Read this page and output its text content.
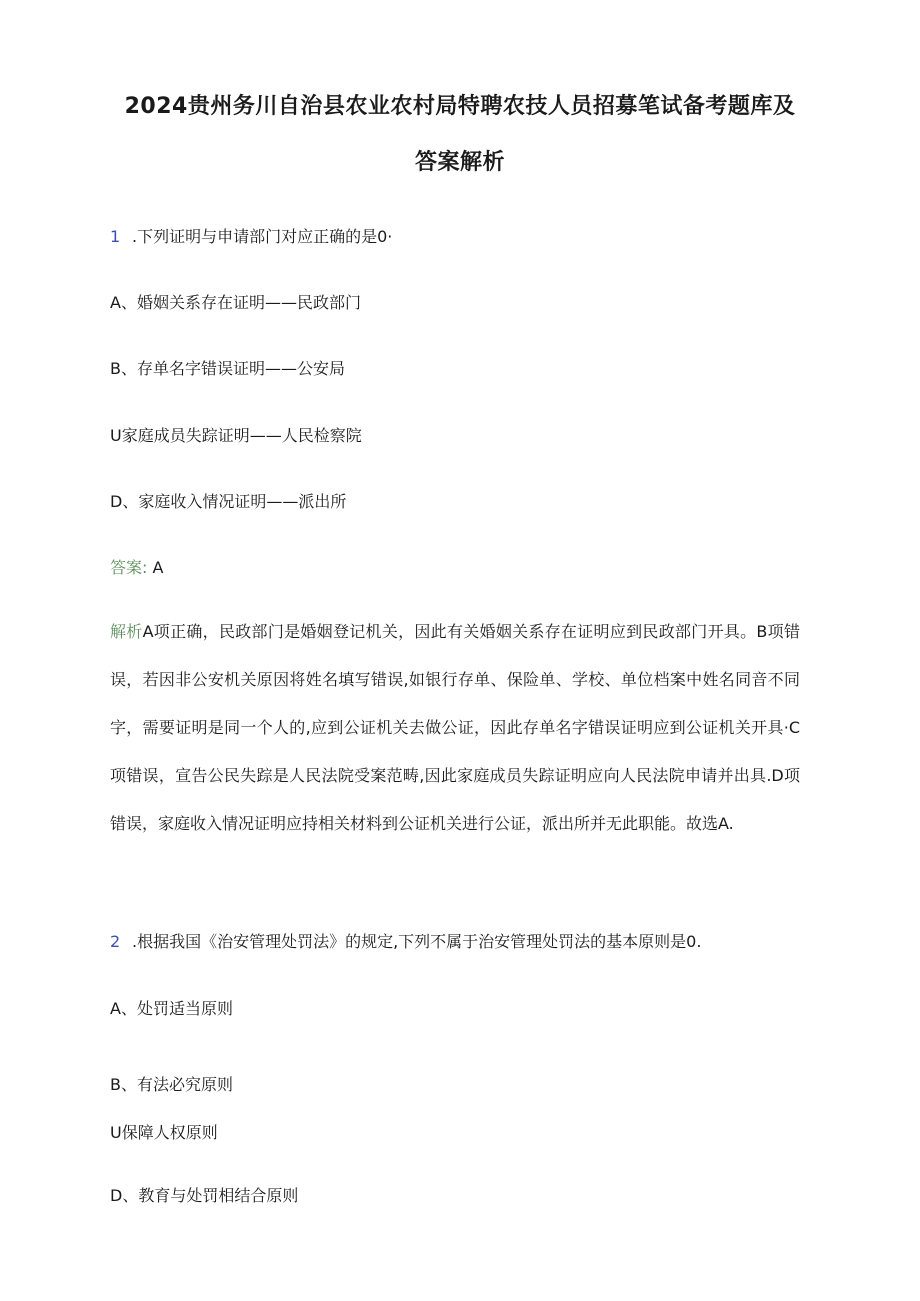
2024贵州务川自治县农业农村局特聘农技人员招募笔试备考题库及
答案解析
1 .下列证明与申请部门对应正确的是0·
A、婚姻关系存在证明——民政部门
B、存单名字错误证明——公安局
U家庭成员失踪证明——人民检察院
D、家庭收入情况证明——派出所
答案: A
解析A项正确，民政部门是婚姻登记机关，因此有关婚姻关系存在证明应到民政部门开具。B项错误，若因非公安机关原因将姓名填写错误,如银行存单、保险单、学校、单位档案中姓名同音不同字，需要证明是同一个人的,应到公证机关去做公证，因此存单名字错误证明应到公证机关开具·C项错误，宣告公民失踪是人民法院受案范畴,因此家庭成员失踪证明应向人民法院申请并出具.D项错误，家庭收入情况证明应持相关材料到公证机关进行公证，派出所并无此职能。故选A.
2 .根据我国《治安管理处罚法》的规定,下列不属于治安管理处罚法的基本原则是0.
A、处罚适当原则
B、有法必究原则
U保障人权原则
D、教育与处罚相结合原则
